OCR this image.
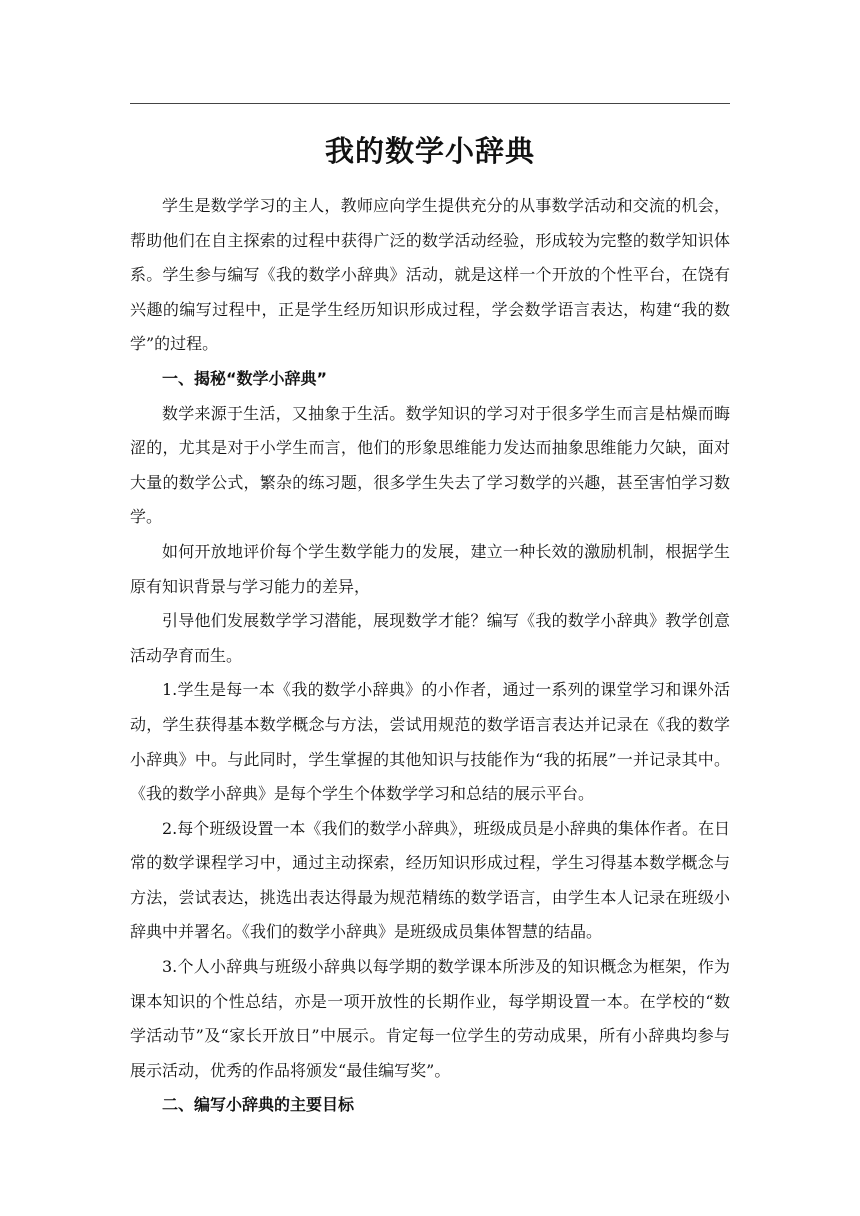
我的数学小辞典

学生是数学学习的主人，教师应向学生提供充分的从事数学活动和交流的机会，帮助他们在自主探索的过程中获得广泛的数学活动经验，形成较为完整的数学知识体系。学生参与编写《我的数学小辞典》活动，就是这样一个开放的个性平台，在饶有兴趣的编写过程中，正是学生经历知识形成过程，学会数学语言表达，构建“我的数学”的过程。

一、揭秘“数学小辞典”

数学来源于生活，又抽象于生活。数学知识的学习对于很多学生而言是枯燥而晦涩的，尤其是对于小学生而言，他们的形象思维能力发达而抽象思维能力欠缺，面对大量的数学公式，繁杂的练习题，很多学生失去了学习数学的兴趣，甚至害怕学习数学。

如何开放地评价每个学生数学能力的发展，建立一种长效的激励机制，根据学生原有知识背景与学习能力的差异，

引导他们发展数学学习潜能，展现数学才能？编写《我的数学小辞典》教学创意活动孕育而生。

1.学生是每一本《我的数学小辞典》的小作者，通过一系列的课堂学习和课外活动，学生获得基本数学概念与方法，尝试用规范的数学语言表达并记录在《我的数学小辞典》中。与此同时，学生掌握的其他知识与技能作为“我的拓展”一并记录其中。《我的数学小辞典》是每个学生个体数学学习和总结的展示平台。

2.每个班级设置一本《我们的数学小辞典》，班级成员是小辞典的集体作者。在日常的数学课程学习中，通过主动探索，经历知识形成过程，学生习得基本数学概念与方法，尝试表达，挑选出表达得最为规范精练的数学语言，由学生本人记录在班级小辞典中并署名。《我们的数学小辞典》是班级成员集体智慧的结晶。

3.个人小辞典与班级小辞典以每学期的数学课本所涉及的知识概念为框架，作为课本知识的个性总结，亦是一项开放性的长期作业，每学期设置一本。在学校的“数学活动节”及“家长开放日”中展示。肯定每一位学生的劳动成果，所有小辞典均参与展示活动，优秀的作品将颁发“最佳编写奖”。

二、编写小辞典的主要目标
